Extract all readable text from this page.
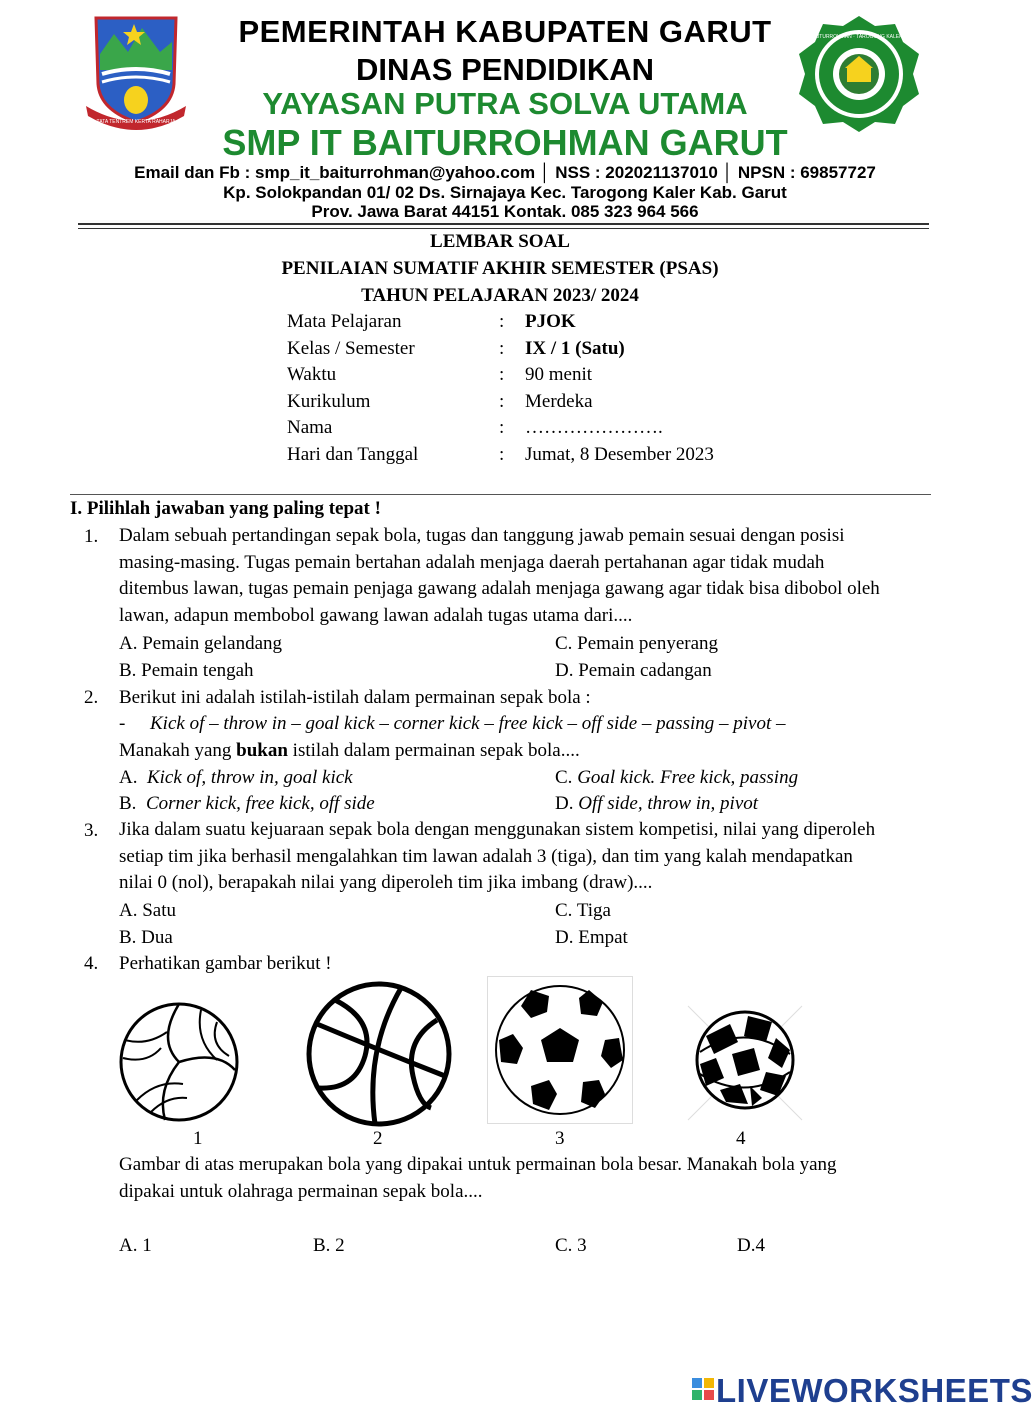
TATA TENTREM KERTA RAHARJA
SMP IT BAITURROHMAN · TAROGONG KALER · GARUT
PEMERINTAH KABUPATEN GARUT
DINAS PENDIDIKAN
YAYASAN PUTRA SOLVA UTAMA
SMP IT BAITURROHMAN GARUT
Email dan Fb : smp_it_baiturrohman@yahoo.com │ NSS : 202021137010 │ NPSN : 69857727
Kp. Solokpandan 01/ 02 Ds. Sirnajaya Kec. Tarogong Kaler Kab. Garut
Prov. Jawa Barat 44151 Kontak. 085 323 964 566
LEMBAR SOAL
PENILAIAN SUMATIF AKHIR SEMESTER (PSAS)
TAHUN PELAJARAN 2023/ 2024
Mata Pelajaran	: PJOK
Kelas / Semester	: IX / 1 (Satu)
Waktu	: 90 menit
Kurikulum	: Merdeka
Nama	: ………………….
Hari dan Tanggal	: Jumat, 8 Desember 2023
I. Pilihlah jawaban yang paling tepat !
1. Dalam sebuah pertandingan sepak bola, tugas dan tanggung jawab pemain sesuai dengan posisi
masing-masing. Tugas pemain bertahan adalah menjaga daerah pertahanan agar tidak mudah
ditembus lawan, tugas pemain penjaga gawang adalah menjaga gawang agar tidak bisa dibobol oleh
lawan, adapun membobol gawang lawan adalah tugas utama dari....
A. Pemain gelandang	C. Pemain penyerang
B. Pemain tengah	D. Pemain cadangan
2. Berikut ini adalah istilah-istilah dalam permainan sepak bola :
- Kick of – throw in – goal kick – corner kick – free kick – off side – passing – pivot –
Manakah yang bukan istilah dalam permainan sepak bola....
A. Kick of, throw in, goal kick	C. Goal kick. Free kick, passing
B. Corner kick, free kick, off side	D. Off side, throw in, pivot
3. Jika dalam suatu kejuaraan sepak bola dengan menggunakan sistem kompetisi, nilai yang diperoleh
setiap tim jika berhasil mengalahkan tim lawan adalah 3 (tiga), dan tim yang kalah mendapatkan
nilai 0 (nol), berapakah nilai yang diperoleh tim jika imbang (draw)....
A. Satu	C. Tiga
B. Dua	D. Empat
4. Perhatikan gambar berikut !
1	2	3	4
Gambar di atas merupakan bola yang dipakai untuk permainan bola besar. Manakah bola yang
dipakai untuk olahraga permainan sepak bola....
A. 1	B. 2	C. 3	D.4
LIVEWORKSHEETS
